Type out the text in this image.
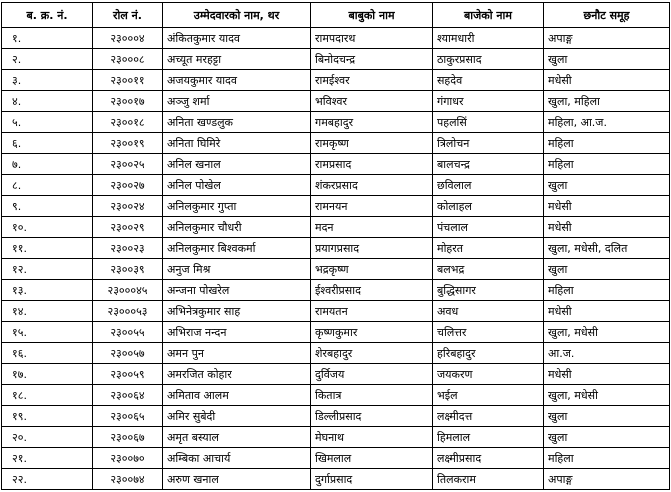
ब. क्र. नं.	रोल नं.	उम्मेदवारको नाम, थर	बाबुको नाम	बाजेको नाम	छनौट समूह
१.	२३०००४	अंकितकुमार यादव	रामपदारथ	श्यामधारी	अपाङ्ग
२.	२३०००८	अच्यूत मरहट्टा	बिनोदचन्द्र	ठाकुरप्रसाद	खुला
३.	२३००११	अजयकुमार यादव	रामईश्वर	सहदेव	मधेसी
४.	२३००१७	अञ्जु शर्मा	भविश्वर	गंगाधर	खुला, महिला
५.	२३००१८	अनिता खण्डलुक	गमबहादुर	पहलसिं	महिला, आ.ज.
६.	२३००१९	अनिता घिमिरे	रामकृष्ण	त्रिलोचन	महिला
७.	२३००२५	अनिल खनाल	रामप्रसाद	बालचन्द्र	महिला
८.	२३००२७	अनिल पोखेल	शंकरप्रसाद	छविलाल	खुला
९.	२३००२४	अनिलकुमार गुप्ता	रामनयन	कोलाहल	मधेसी
१०.	२३००२९	अनिलकुमार चौधरी	मदन	पंचलाल	मधेसी
११.	२३००२३	अनिलकुमार बिश्वकर्मा	प्रयागप्रसाद	मोहरत	खुला, मधेसी, दलित
१२.	२३००३९	अनुज मिश्र	भद्रकृष्ण	बलभद्र	खुला
१३.	२३०००४५	अन्जना पोखरेल	ईश्वरीप्रसाद	बुद्धिसागर	महिला
१४.	२३०००५३	अभिनेत्रकुमार साह	रामयतन	अवध	मधेसी
१५.	२३००५५	अभिराज नन्दन	कृष्णकुमार	चलित्तर	खुला, मधेसी
१६.	२३००५७	अमन पुन	शेरबहादुर	हरिबहादुर	आ.ज.
१७.	२३००५९	अमरजित कोहार	दुर्विजय	जयकरण	मधेसी
१८.	२३००६४	अमिताव आलम	कितात्र	भईल	खुला, मधेसी
१९.	२३००६५	अमिर सुबेदी	डिल्लीप्रसाद	लक्ष्मीदत्त	खुला
२०.	२३००६७	अमृत बस्याल	मेघनाथ	हिमलाल	खुला
२१.	२३००७०	अम्बिका आचार्य	खिमलाल	लक्ष्मीप्रसाद	महिला
२२.	२३००७४	अरुण खनाल	दुर्गाप्रसाद	तिलकराम	अपाङ्ग
